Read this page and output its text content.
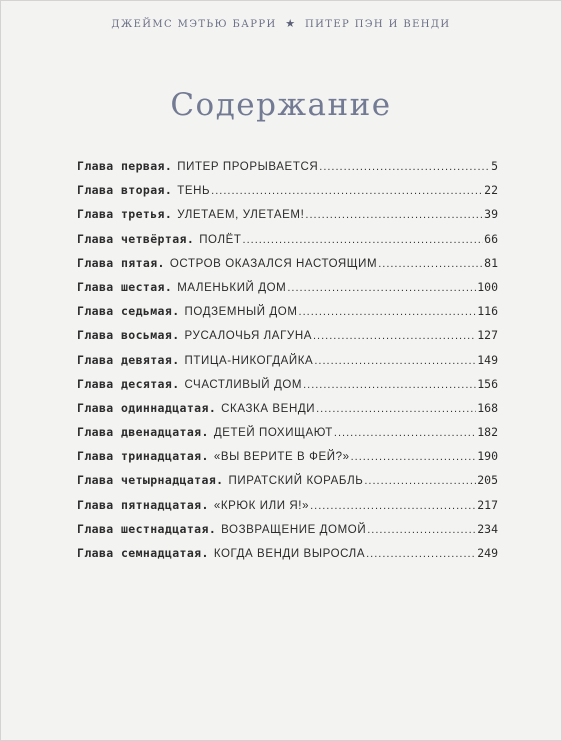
ДЖЕЙМС МЭТЬЮ БАРРИ ★ ПИТЕР ПЭН И ВЕНДИ
Содержание
Глава первая. ПИТЕР ПРОРЫВАЕТСЯ .....	5
Глава вторая. ТЕНЬ .....	22
Глава третья. УЛЕТАЕМ, УЛЕТАЕМ! .....	39
Глава четвёртая. ПОЛЁТ .....	66
Глава пятая. ОСТРОВ ОКАЗАЛСЯ НАСТОЯЩИМ .....	81
Глава шестая. МАЛЕНЬКИЙ ДОМ .....	100
Глава седьмая. ПОДЗЕМНЫЙ ДОМ .....	116
Глава восьмая. РУСАЛОЧЬЯ ЛАГУНА .....	127
Глава девятая. ПТИЦА-НИКОГДАЙКА .....	149
Глава десятая. СЧАСТЛИВЫЙ ДОМ .....	156
Глава одиннадцатая. СКАЗКА ВЕНДИ .....	168
Глава двенадцатая. ДЕТЕЙ ПОХИЩАЮТ .....	182
Глава тринадцатая. «ВЫ ВЕРИТЕ В ФЕЙ?» .....	190
Глава четырнадцатая. ПИРАТСКИЙ КОРАБЛЬ .....	205
Глава пятнадцатая. «КРЮК ИЛИ Я!» .....	217
Глава шестнадцатая. ВОЗВРАЩЕНИЕ ДОМОЙ .....	234
Глава семнадцатая. КОГДА ВЕНДИ ВЫРОСЛА .....	249
